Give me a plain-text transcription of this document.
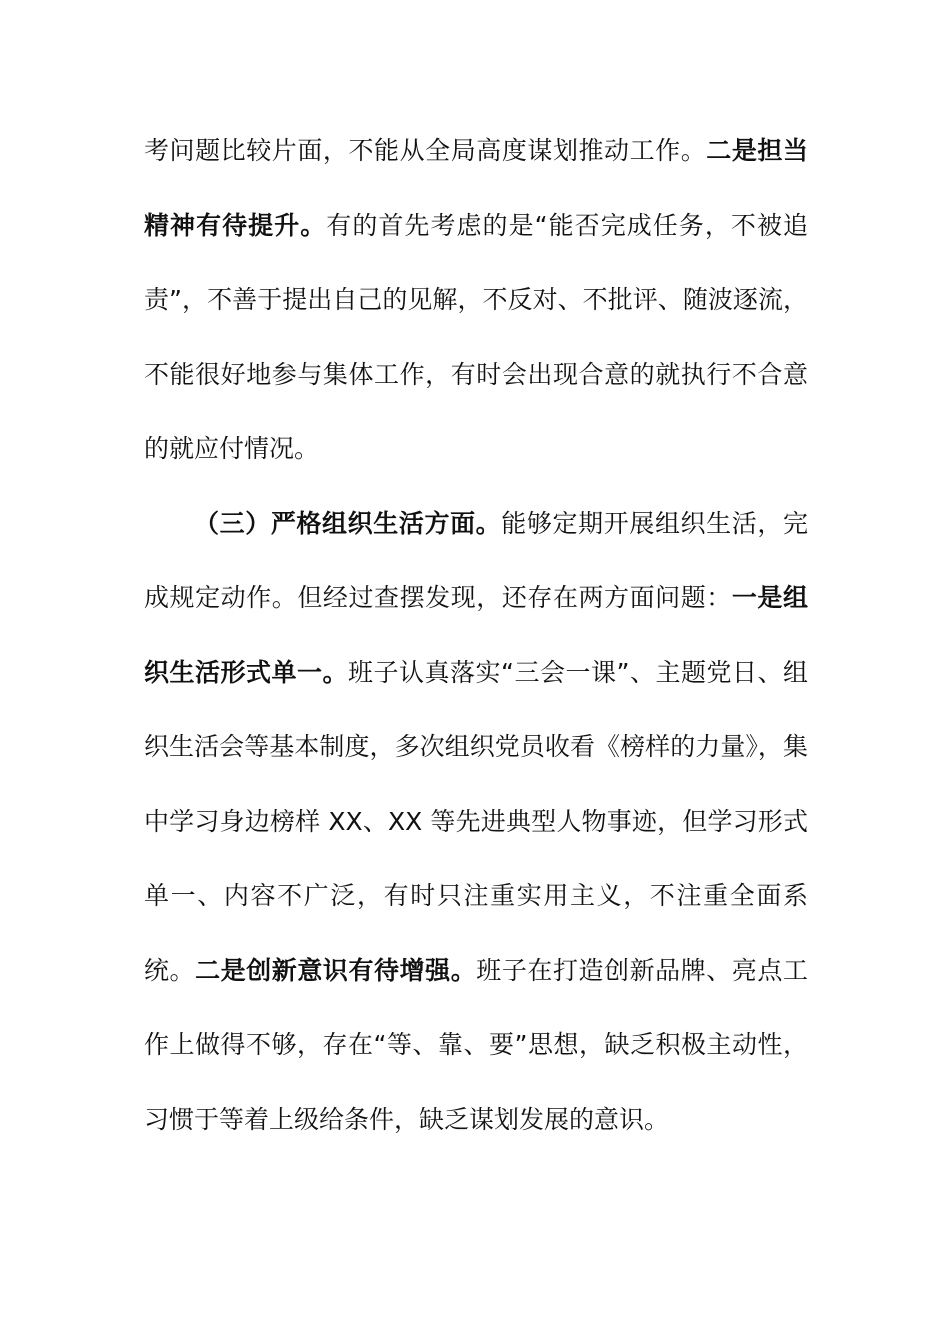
考问题比较片面，不能从全局高度谋划推动工作。二是担当精神有待提升。有的首先考虑的是“能否完成任务，不被追责”，不善于提出自己的见解，不反对、不批评、随波逐流，不能很好地参与集体工作，有时会出现合意的就执行不合意的就应付情况。

（三）严格组织生活方面。能够定期开展组织生活，完成规定动作。但经过查摆发现，还存在两方面问题：一是组织生活形式单一。班子认真落实“三会一课”、主题党日、组织生活会等基本制度，多次组织党员收看《榜样的力量》，集中学习身边榜样 XX、XX 等先进典型人物事迹，但学习形式单一、内容不广泛，有时只注重实用主义，不注重全面系统。二是创新意识有待增强。班子在打造创新品牌、亮点工作上做得不够，存在“等、靠、要”思想，缺乏积极主动性，习惯于等着上级给条件，缺乏谋划发展的意识。
